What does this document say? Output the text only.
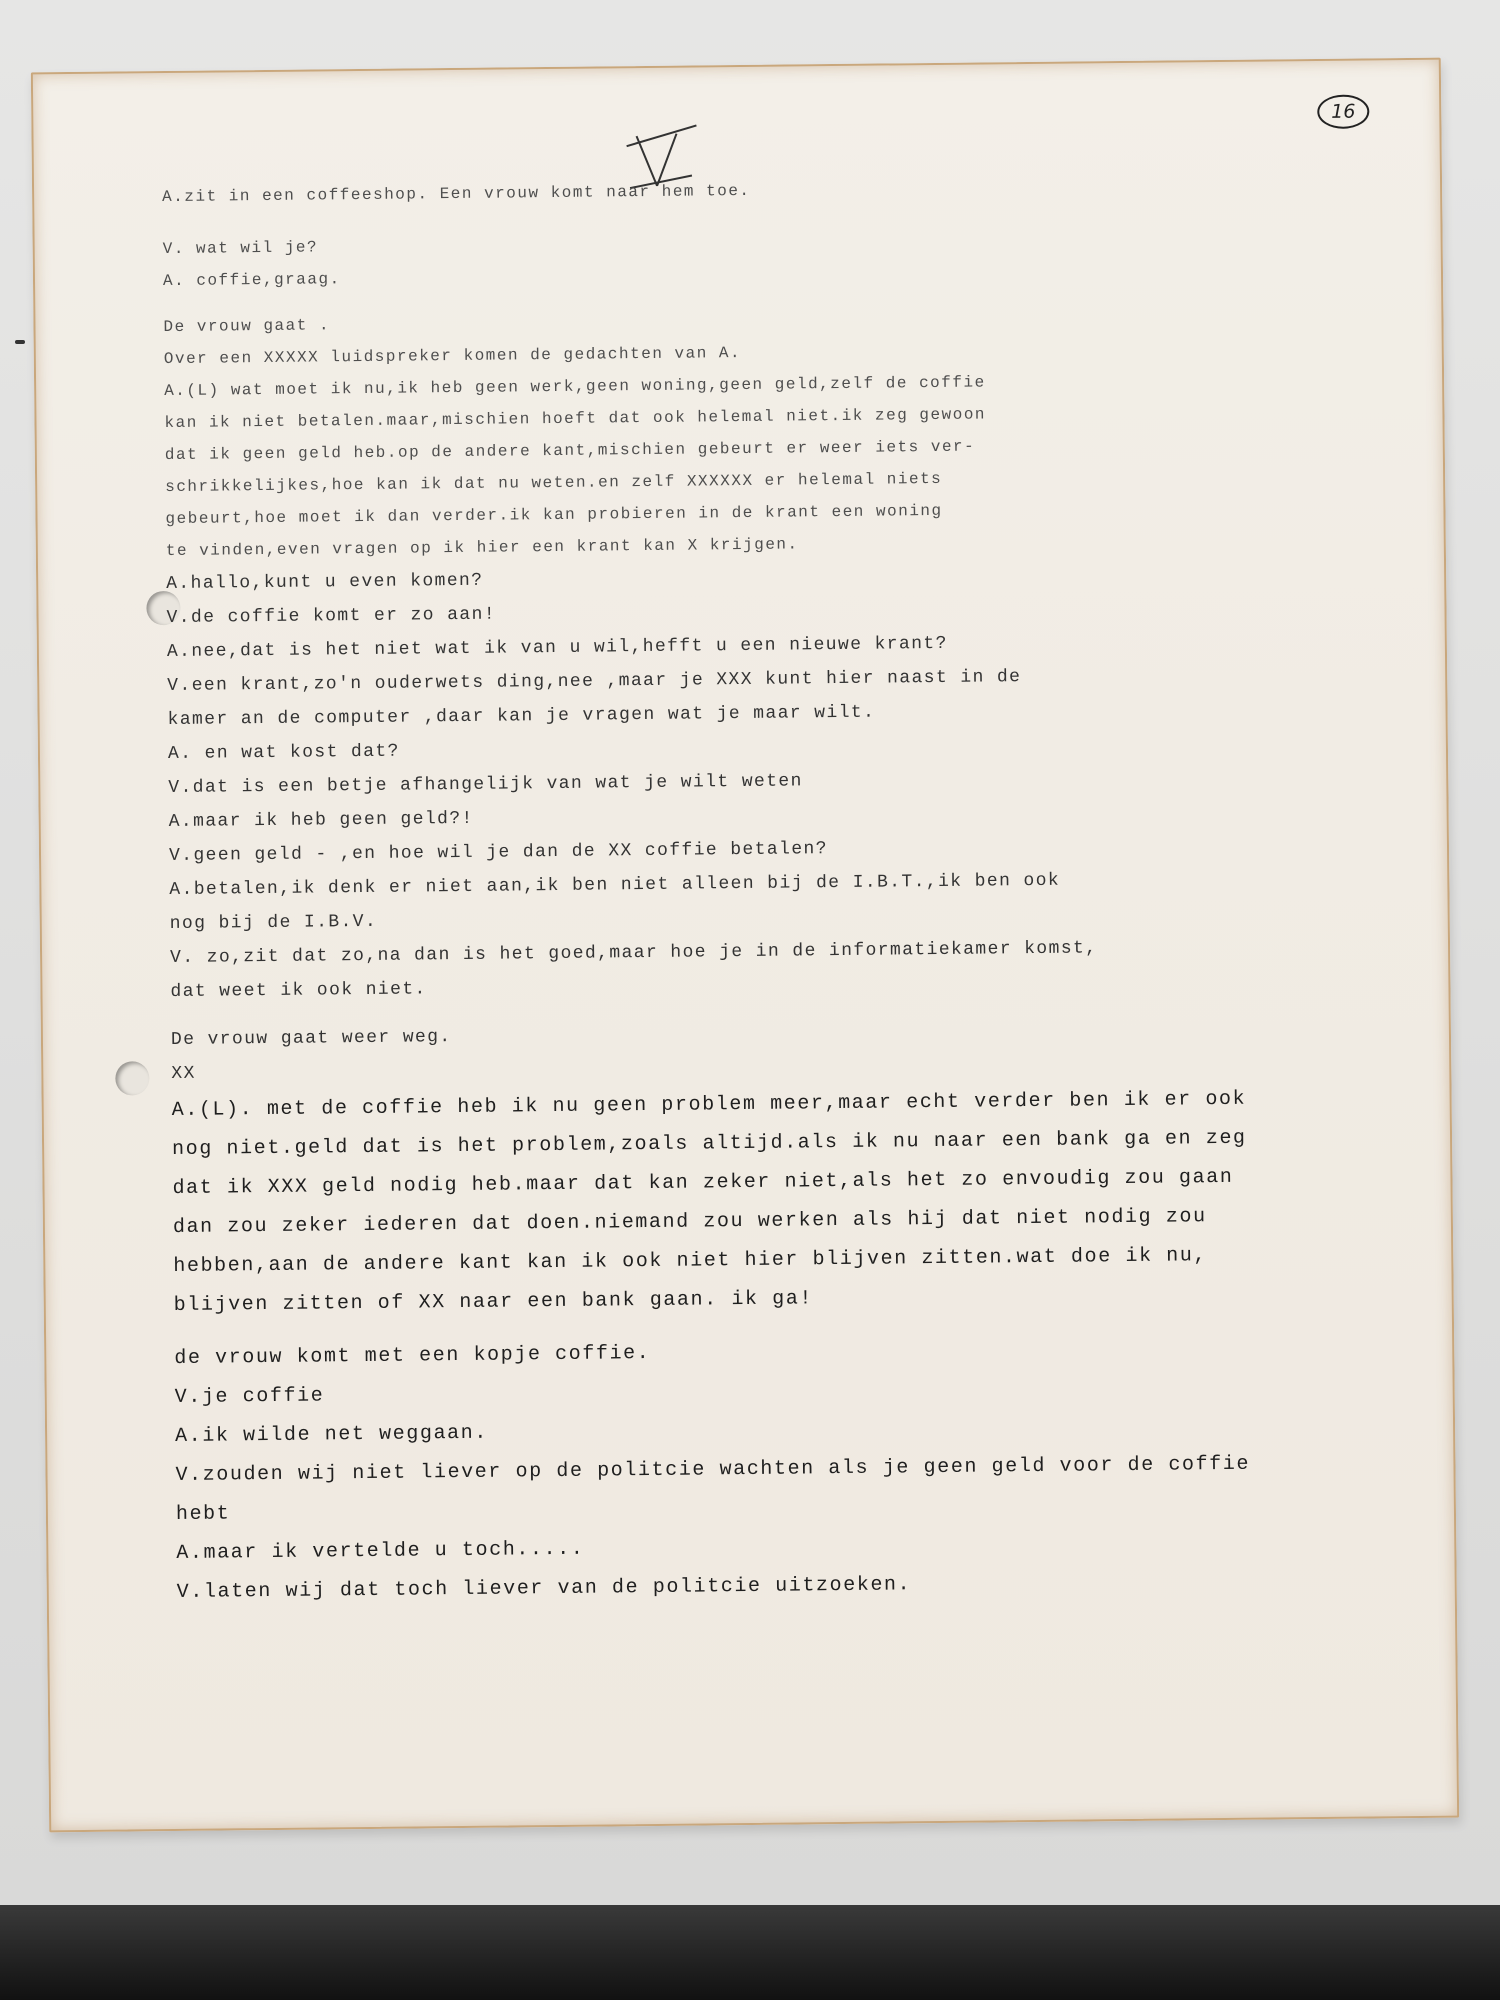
V
16
A.zit in een coffeeshop. Een vrouw komt naar hem toe.
V. wat wil je?
A. coffie,graag.
De vrouw gaat .
Over een XXXXX luidspreker komen de gedachten van A.
A.(L) wat moet ik nu,ik heb geen werk,geen woning,geen geld,zelf de coffie
kan ik niet betalen.maar,mischien hoeft dat ook helemal niet.ik zeg gewoon
dat ik geen geld heb.op de andere kant,mischien gebeurt er weer iets ver-
schrikkelijkes,hoe kan ik dat nu weten.en zelf XXXXXX er helemal niets
gebeurt,hoe moet ik dan verder.ik kan probieren in de krant een woning
te vinden,even vragen op ik hier een krant kan X krijgen.
A.hallo,kunt u even komen?
V.de coffie komt er zo aan!
A.nee,dat is het niet wat ik van u wil,hefft u een nieuwe krant?
V.een krant,zo'n ouderwets ding,nee ,maar je XXX kunt hier naast in de
kamer an de computer ,daar kan je vragen wat je maar wilt.
A. en wat kost dat?
V.dat is een betje afhangelijk van wat je wilt weten
A.maar ik heb geen geld?!
V.geen geld - ,en hoe wil je dan de XX coffie betalen?
A.betalen,ik denk er niet aan,ik ben niet alleen bij de I.B.T.,ik ben ook
nog bij de I.B.V.
V. zo,zit dat zo,na dan is het goed,maar hoe je in de informatiekamer komst,
dat weet ik ook niet.
De vrouw gaat weer weg.
XX
A.(L). met de coffie heb ik nu geen problem meer,maar echt verder ben ik er ook
nog niet.geld dat is het problem,zoals altijd.als ik nu naar een bank ga en zeg
dat ik XXX geld nodig heb.maar dat kan zeker niet,als het zo envoudig zou gaan
dan zou zeker iederen dat doen.niemand zou werken als hij dat niet nodig zou
hebben,aan de andere kant kan ik ook niet hier blijven zitten.wat doe ik nu,
blijven zitten of XX naar een bank gaan. ik ga!
de vrouw komt met een kopje coffie.
V.je coffie
A.ik wilde net weggaan.
V.zouden wij niet liever op de politcie wachten als je geen geld voor de coffie
hebt
A.maar ik vertelde u toch.....
V.laten wij dat toch liever van de politcie uitzoeken.
